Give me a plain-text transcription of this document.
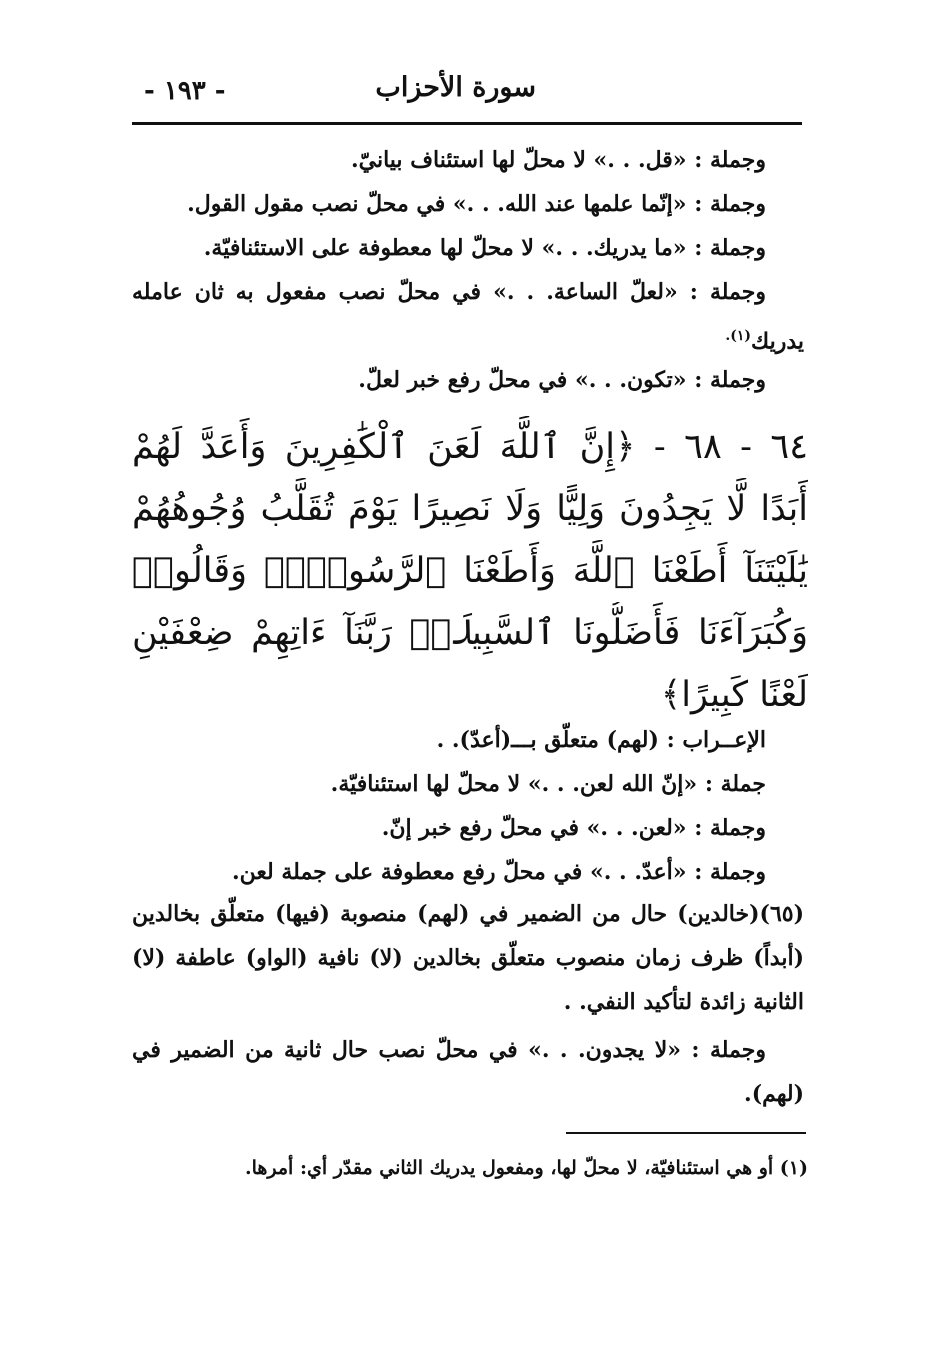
سورة الأحزاب
- ١٩٣ -
وجملة : «قل. . .» لا محلّ لها استئناف بيانيّ.
وجملة : «إنّما علمها عند الله. . .» في محلّ نصب مقول القول.
وجملة : «ما يدريك. . .» لا محلّ لها معطوفة على الاستئنافيّة.
وجملة : «لعلّ الساعة. . .» في محلّ نصب مفعول به ثان عامله
يدريك$^{(١).}$
وجملة : «تكون. . .» في محلّ رفع خبر لعلّ.
٦٤ - ٦٨ - ﴿إِنَّ ٱللَّهَ لَعَنَ ٱلْكَٰفِرِينَ وَأَعَدَّ لَهُمْ
أَبَدًا لَّا يَجِدُونَ وَلِيًّا وَلَا نَصِيرًا يَوْمَ تُقَلَّبُ وُجُوهُهُمْ
يَٰلَيْتَنَآ أَطَعْنَا ٱللَّهَ وَأَطَعْنَا ٱلرَّسُولَا۠ وَقَالُوا۟
وَكُبَرَآءَنَا فَأَضَلُّونَا ٱلسَّبِيلَا۠ رَبَّنَآ ءَاتِهِمْ ضِعْفَيْنِ
لَعْنًا كَبِيرًا﴾
الإعــراب : (لهم) متعلّق بـــ(أعدّ). .
جملة : «إنّ الله لعن. . .» لا محلّ لها استئنافيّة.
وجملة : «لعن. . .» في محلّ رفع خبر إنّ.
وجملة : «أعدّ. . .» في محلّ رفع معطوفة على جملة لعن.
(٦٥)(خالدين) حال من الضمير في (لهم) منصوبة (فيها) متعلّق بخالدين
(أبداً) ظرف زمان منصوب متعلّق بخالدين (لا) نافية (الواو) عاطفة (لا)
الثانية زائدة لتأكيد النفي. .
وجملة : «لا يجدون. . .» في محلّ نصب حال ثانية من الضمير في
(لهم).
(١) أو هي استئنافيّة، لا محلّ لها، ومفعول يدريك الثاني مقدّر أي: أمرها.
